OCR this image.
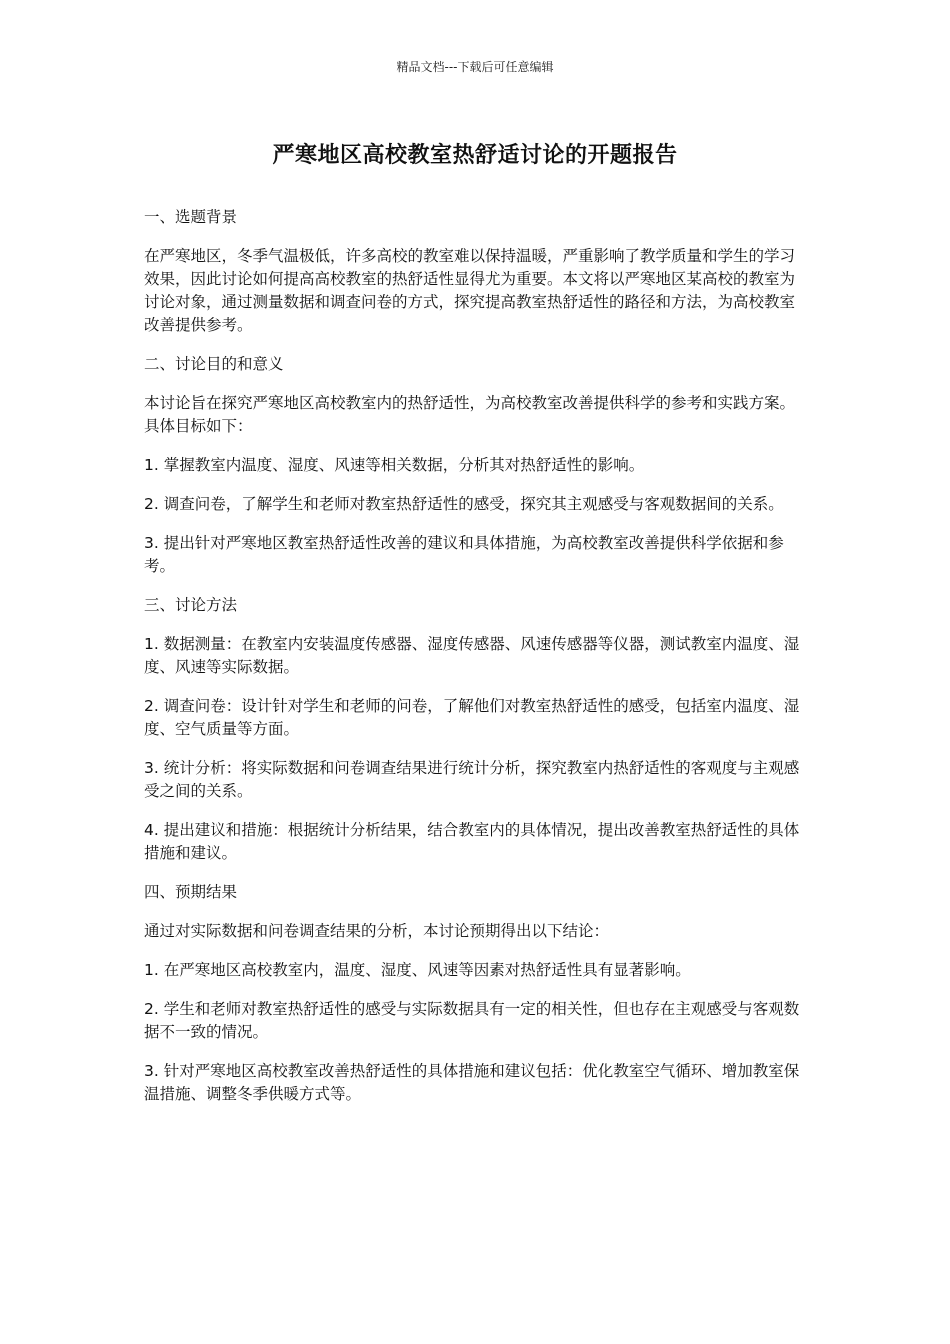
精品文档---下载后可任意编辑
严寒地区高校教室热舒适讨论的开题报告

一、选题背景

在严寒地区，冬季气温极低，许多高校的教室难以保持温暖，严重影响了教学质量和学生的学习效果，因此讨论如何提高高校教室的热舒适性显得尤为重要。本文将以严寒地区某高校的教室为讨论对象，通过测量数据和调查问卷的方式，探究提高教室热舒适性的路径和方法，为高校教室改善提供参考。

二、讨论目的和意义

本讨论旨在探究严寒地区高校教室内的热舒适性，为高校教室改善提供科学的参考和实践方案。具体目标如下：

1. 掌握教室内温度、湿度、风速等相关数据，分析其对热舒适性的影响。

2. 调查问卷，了解学生和老师对教室热舒适性的感受，探究其主观感受与客观数据间的关系。

3. 提出针对严寒地区教室热舒适性改善的建议和具体措施，为高校教室改善提供科学依据和参考。

三、讨论方法

1. 数据测量：在教室内安装温度传感器、湿度传感器、风速传感器等仪器，测试教室内温度、湿度、风速等实际数据。

2. 调查问卷：设计针对学生和老师的问卷，了解他们对教室热舒适性的感受，包括室内温度、湿度、空气质量等方面。

3. 统计分析：将实际数据和问卷调查结果进行统计分析，探究教室内热舒适性的客观度与主观感受之间的关系。

4. 提出建议和措施：根据统计分析结果，结合教室内的具体情况，提出改善教室热舒适性的具体措施和建议。

四、预期结果

通过对实际数据和问卷调查结果的分析，本讨论预期得出以下结论：

1. 在严寒地区高校教室内，温度、湿度、风速等因素对热舒适性具有显著影响。

2. 学生和老师对教室热舒适性的感受与实际数据具有一定的相关性，但也存在主观感受与客观数据不一致的情况。

3. 针对严寒地区高校教室改善热舒适性的具体措施和建议包括：优化教室空气循环、增加教室保温措施、调整冬季供暖方式等。
